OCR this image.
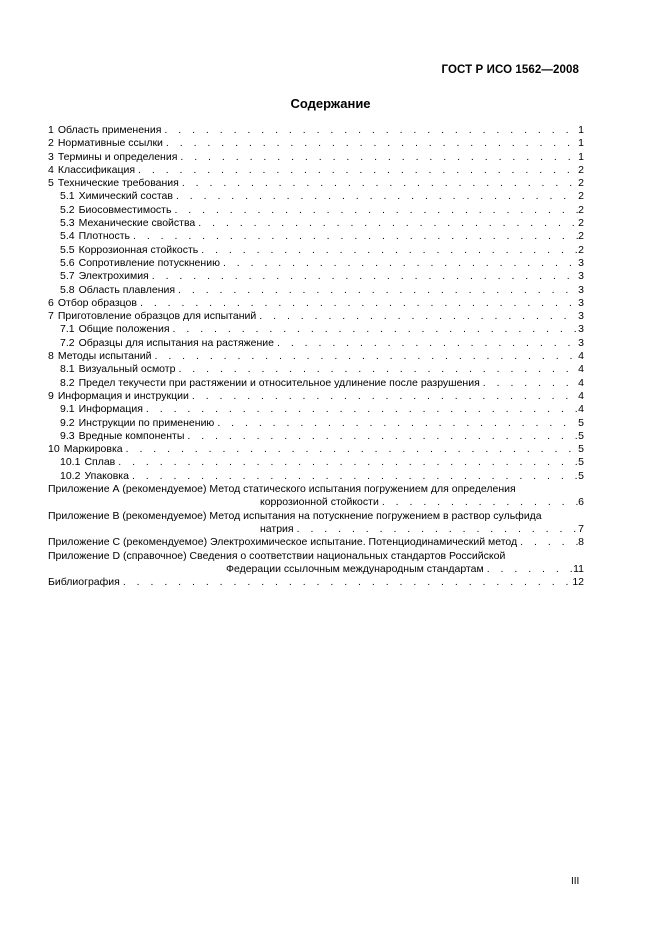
ГОСТ Р ИСО 1562—2008
Содержание
1 Область применения . . .	1
2 Нормативные ссылки . . .	1
3 Термины и определения . . .	1
4 Классификация . . .	2
5 Технические требования . . .	2
5.1 Химический состав . . .	2
5.2 Биосовместимость . . .	2
5.3 Механические свойства . . .	2
5.4 Плотность . . .	2
5.5 Коррозионная стойкость . . .	2
5.6 Сопротивление потускнению . . .	3
5.7 Электрохимия . . .	3
5.8 Область плавления . . .	3
6 Отбор образцов . . .	3
7 Приготовление образцов для испытаний . . .	3
7.1 Общие положения . . .	3
7.2 Образцы для испытания на растяжение . . .	3
8 Методы испытаний . . .	4
8.1 Визуальный осмотр . . .	4
8.2 Предел текучести при растяжении и относительное удлинение после разрушения . . .	4
9 Информация и инструкции . . .	4
9.1 Информация . . .	4
9.2 Инструкции по применению . . .	5
9.3 Вредные компоненты . . .	5
10 Маркировка . . .	5
10.1 Сплав . . .	5
10.2 Упаковка . . .	5
Приложение А (рекомендуемое) Метод статического испытания погружением для определения
коррозионной стойкости . . .	6
Приложение В (рекомендуемое) Метод испытания на потускнение погружением в раствор сульфида
натрия . . .	7
Приложение С (рекомендуемое) Электрохимическое испытание. Потенциодинамический метод . . .	8
Приложение D (справочное) Сведения о соответствии национальных стандартов Российской
Федерации ссылочным международным стандартам . . .	11
Библиография . . .	12
III
